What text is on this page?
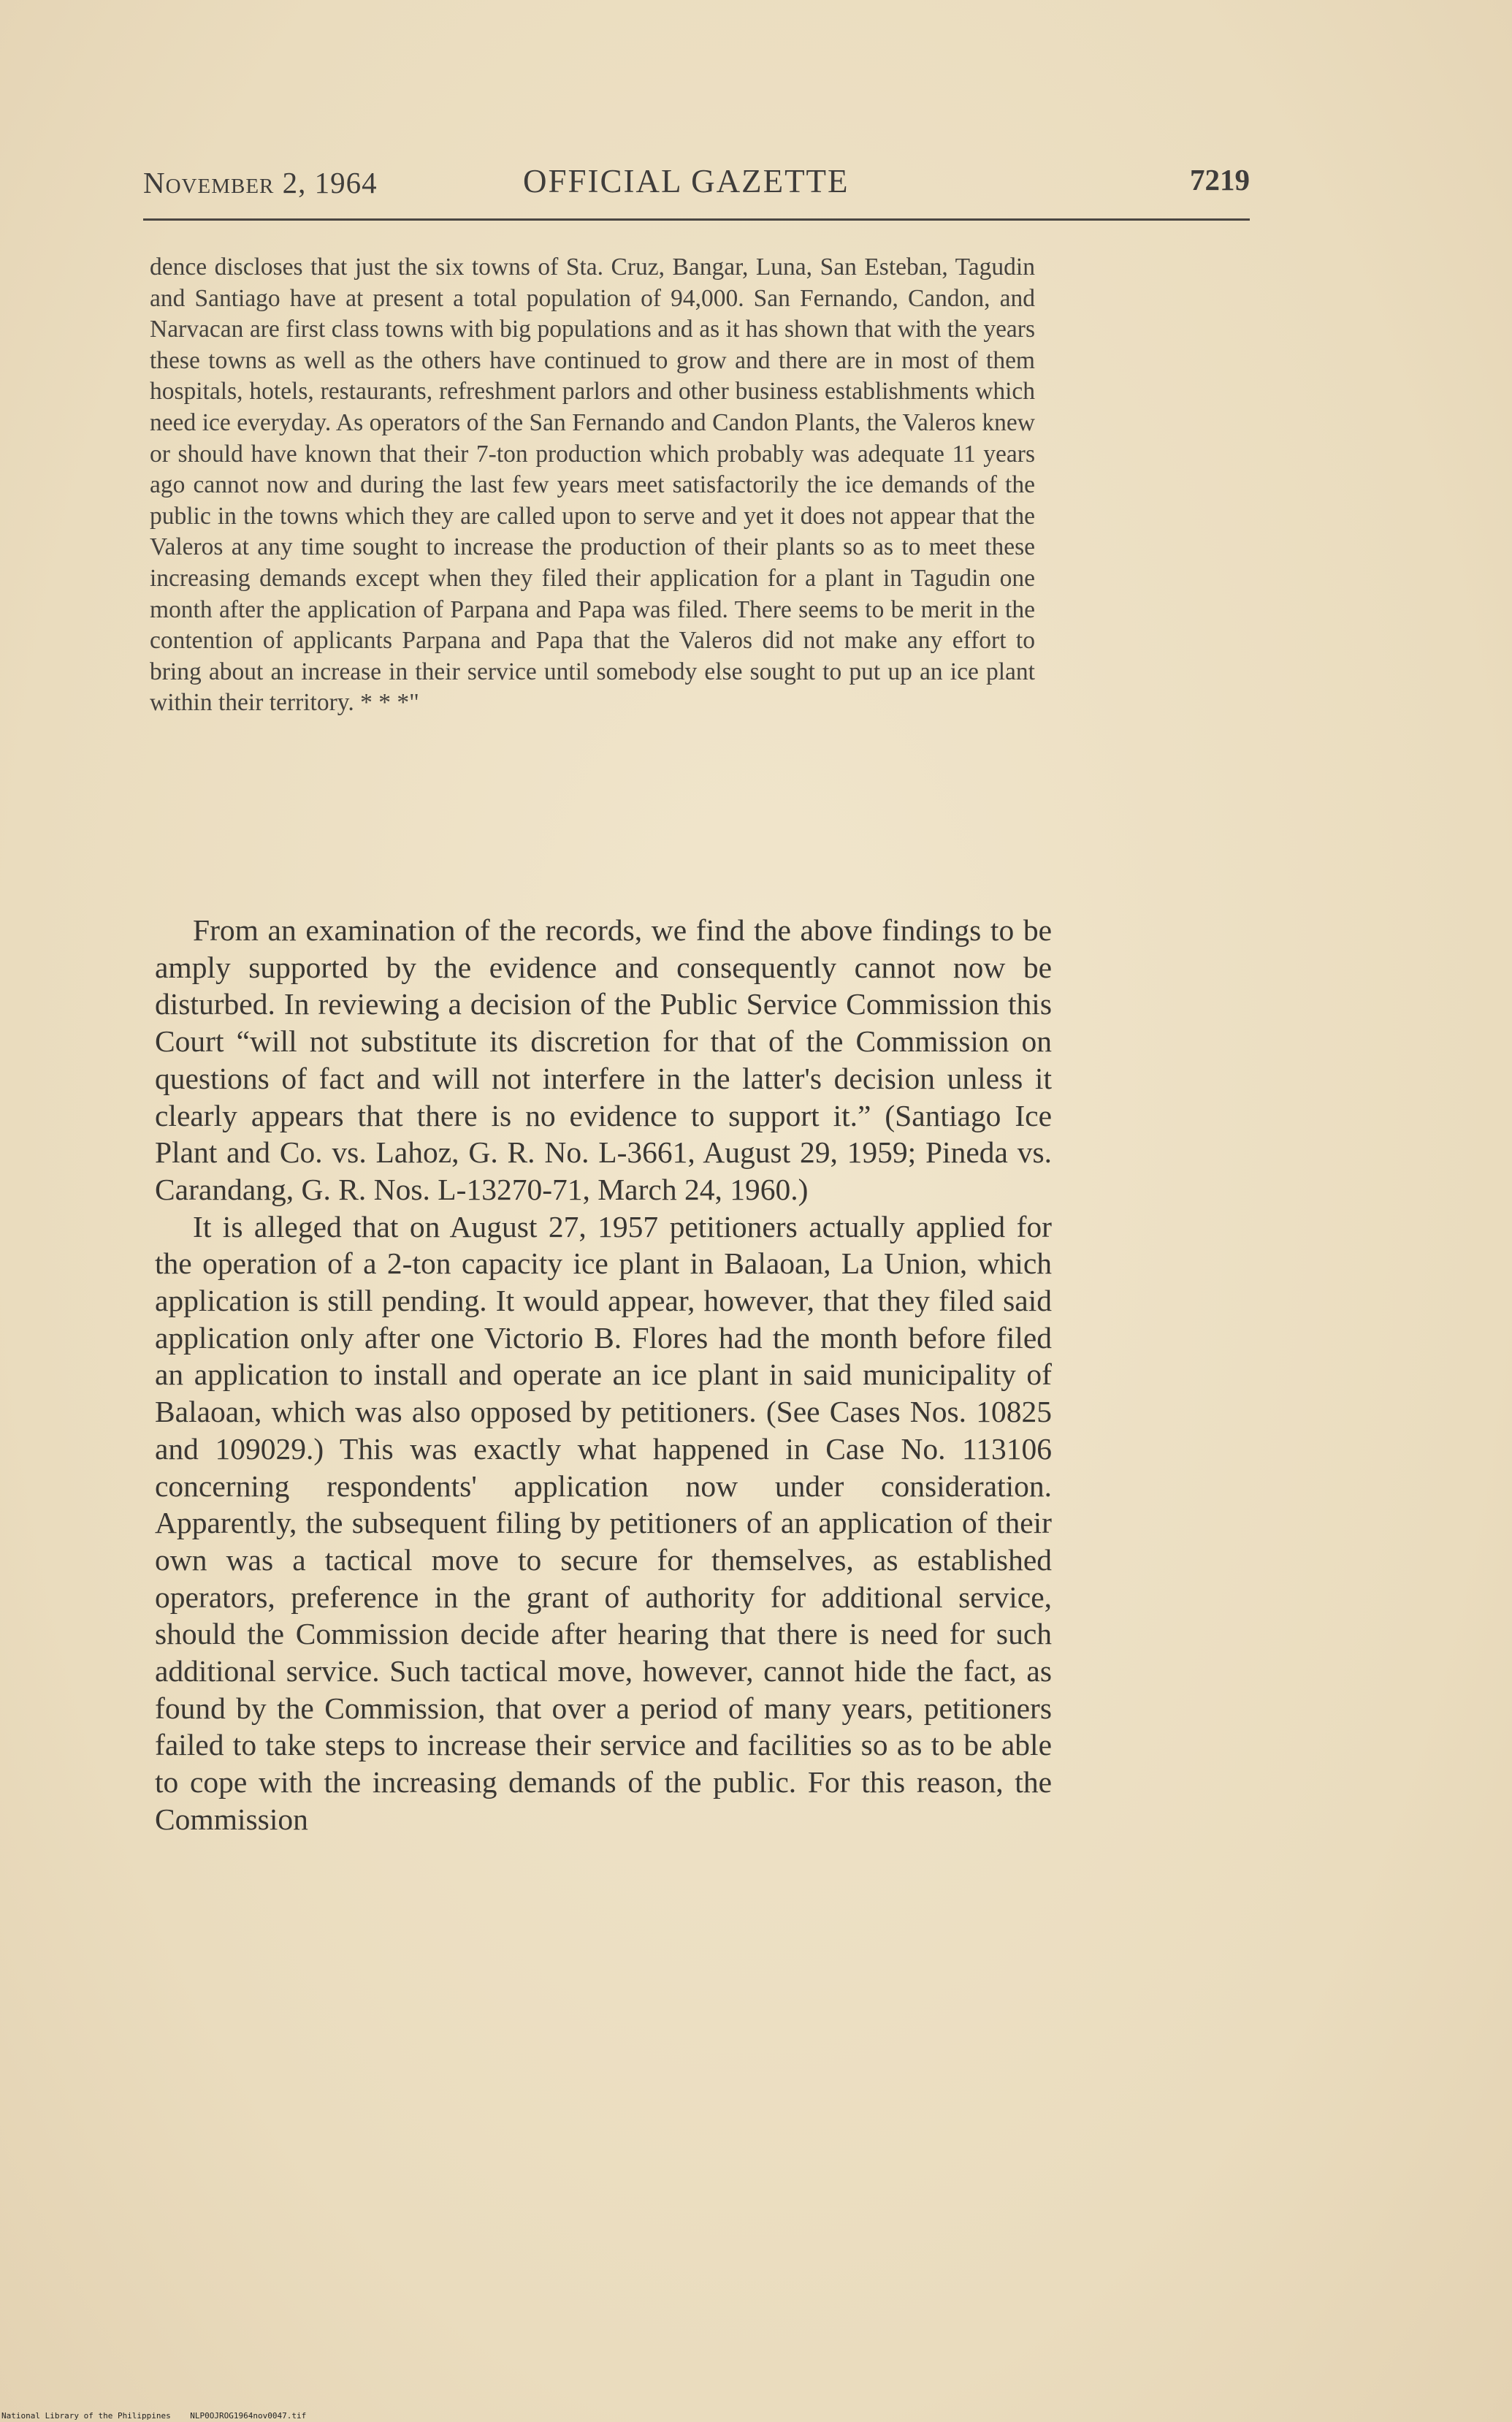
November 2, 1964	OFFICIAL GAZETTE	7219
dence discloses that just the six towns of Sta. Cruz, Bangar, Luna, San Esteban, Tagudin and Santiago have at present a total population of 94,000. San Fernando, Candon, and Narvacan are first class towns with big populations and as it has shown that with the years these towns as well as the others have continued to grow and there are in most of them hospitals, hotels, restaurants, refreshment parlors and other business establishments which need ice everyday. As operators of the San Fernando and Candon Plants, the Valeros knew or should have known that their 7-ton production which probably was adequate 11 years ago cannot now and during the last few years meet satisfactorily the ice demands of the public in the towns which they are called upon to serve and yet it does not appear that the Valeros at any time sought to increase the production of their plants so as to meet these increasing demands except when they filed their application for a plant in Tagudin one month after the application of Parpana and Papa was filed. There seems to be merit in the contention of applicants Parpana and Papa that the Valeros did not make any effort to bring about an increase in their service until somebody else sought to put up an ice plant within their territory. * * *"

From an examination of the records, we find the above findings to be amply supported by the evidence and consequently cannot now be disturbed. In reviewing a decision of the Public Service Commission this Court “will not substitute its discretion for that of the Commission on questions of fact and will not interfere in the latter's decision unless it clearly appears that there is no evidence to support it.” (Santiago Ice Plant and Co. vs. Lahoz, G. R. No. L-3661, August 29, 1959; Pineda vs. Carandang, G. R. Nos. L-13270-71, March 24, 1960.)

It is alleged that on August 27, 1957 petitioners actually applied for the operation of a 2-ton capacity ice plant in Balaoan, La Union, which application is still pending. It would appear, however, that they filed said application only after one Victorio B. Flores had the month before filed an application to install and operate an ice plant in said municipality of Balaoan, which was also opposed by petitioners. (See Cases Nos. 10825 and 109029.) This was exactly what happened in Case No. 113106 concerning respondents' application now under consideration. Apparently, the subsequent filing by petitioners of an application of their own was a tactical move to secure for themselves, as established operators, preference in the grant of authority for additional service, should the Commission decide after hearing that there is need for such additional service. Such tactical move, however, cannot hide the fact, as found by the Commission, that over a period of many years, petitioners failed to take steps to increase their service and facilities so as to be able to cope with the increasing demands of the public. For this reason, the Commission

National Library of the Philippines NLP0OJROG1964nov0047.tif
